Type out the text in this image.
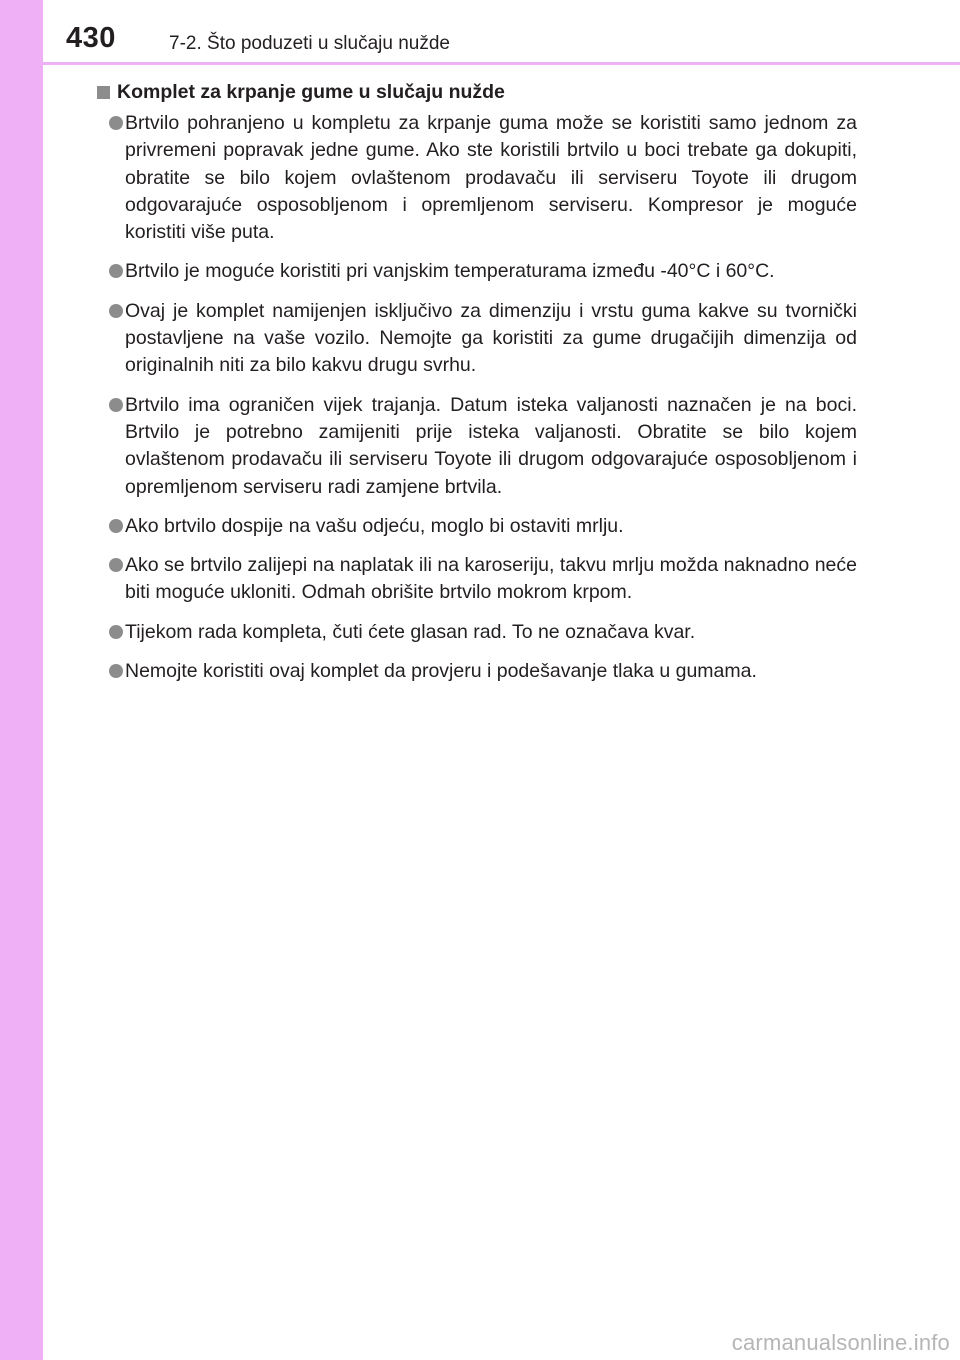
430	7-2. Što poduzeti u slučaju nužde
Komplet za krpanje gume u slučaju nužde
Brtvilo pohranjeno u kompletu za krpanje guma može se koristiti samo jednom za privremeni popravak jedne gume. Ako ste koristili brtvilo u boci trebate ga dokupiti, obratite se bilo kojem ovlaštenom prodavaču ili serviseru Toyote ili drugom odgovarajuće osposobljenom i opremljenom serviseru. Kompresor je moguće koristiti više puta.
Brtvilo je moguće koristiti pri vanjskim temperaturama između -40°C i 60°C.
Ovaj je komplet namijenjen isključivo za dimenziju i vrstu guma kakve su tvornički postavljene na vaše vozilo. Nemojte ga koristiti za gume drugačijih dimenzija od originalnih niti za bilo kakvu drugu svrhu.
Brtvilo ima ograničen vijek trajanja. Datum isteka valjanosti naznačen je na boci. Brtvilo je potrebno zamijeniti prije isteka valjanosti. Obratite se bilo kojem ovlaštenom prodavaču ili serviseru Toyote ili drugom odgovarajuće osposobljenom i opremljenom serviseru radi zamjene brtvila.
Ako brtvilo dospije na vašu odjeću, moglo bi ostaviti mrlju.
Ako se brtvilo zalijepi na naplatak ili na karoseriju, takvu mrlju možda naknadno neće biti moguće ukloniti. Odmah obrišite brtvilo mokrom krpom.
Tijekom rada kompleta, čuti ćete glasan rad. To ne označava kvar.
Nemojte koristiti ovaj komplet da provjeru i podešavanje tlaka u gumama.
carmanualsonline.info
